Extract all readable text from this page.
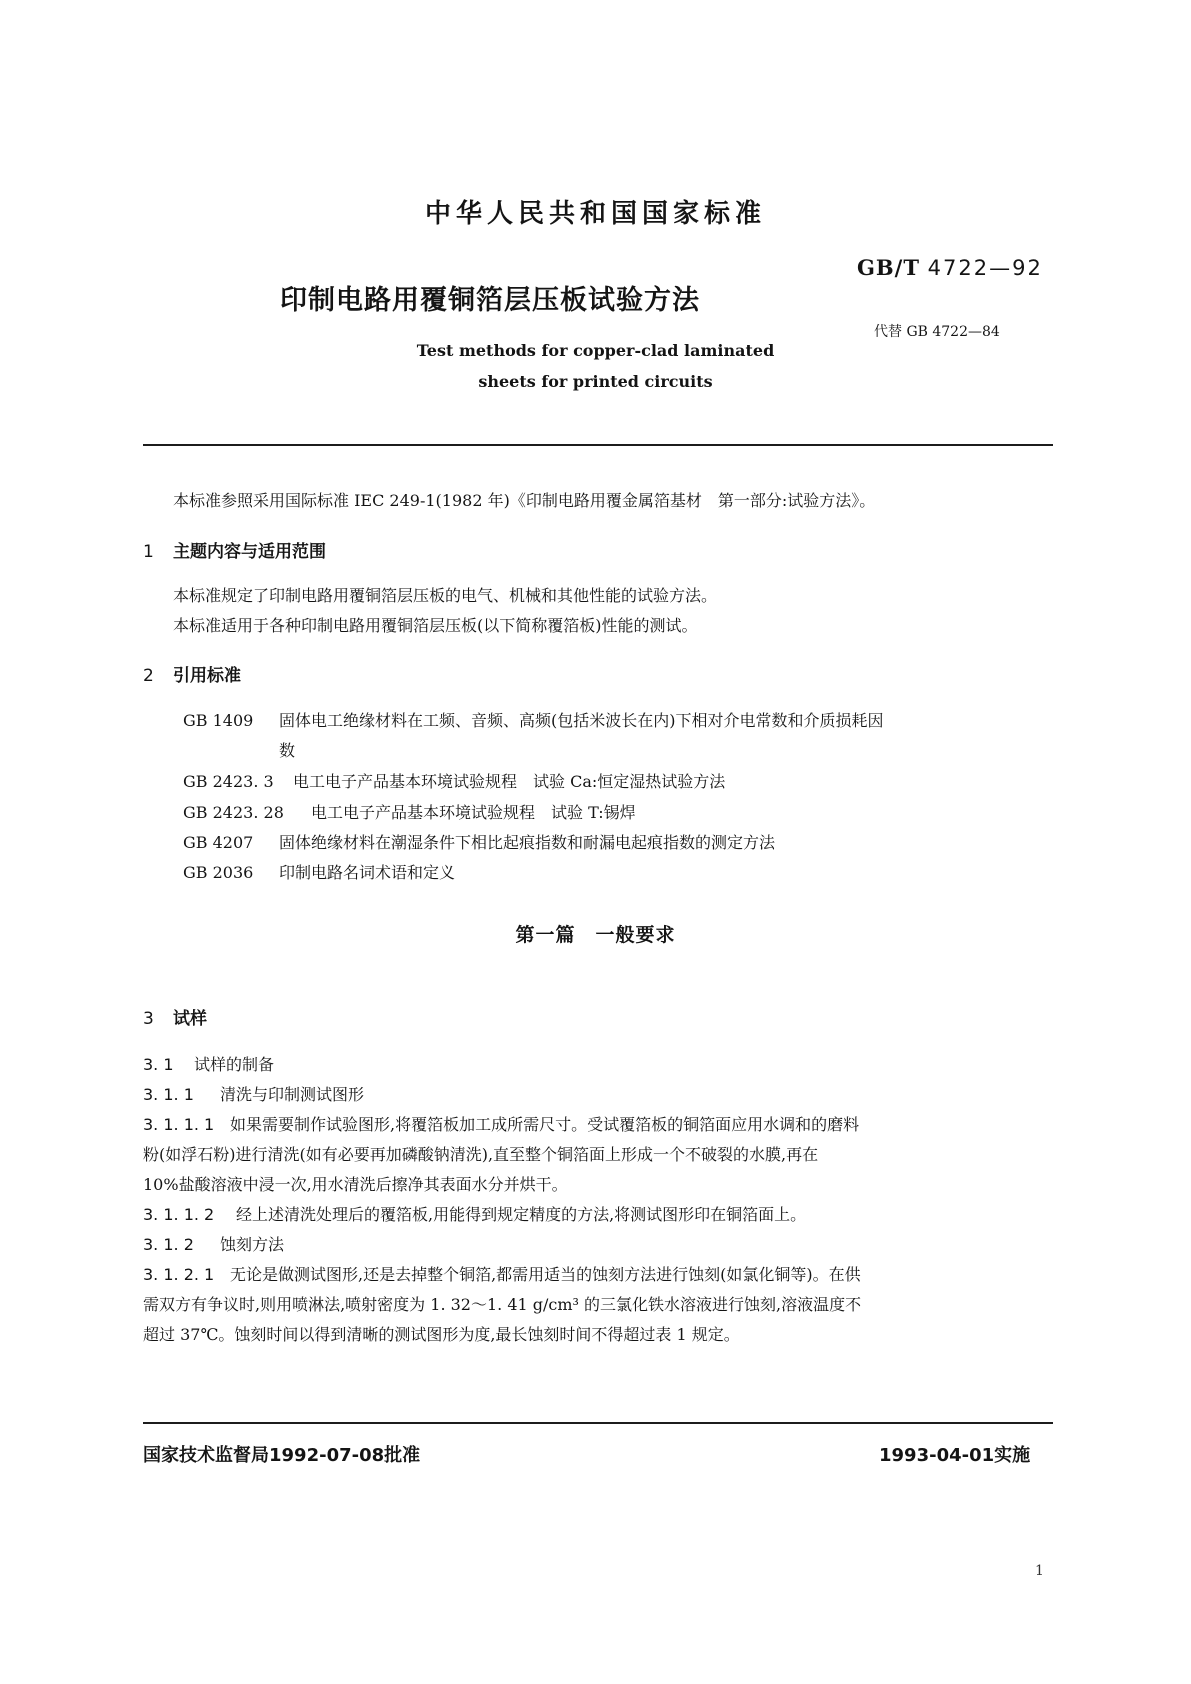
中华人民共和国国家标准
GB/T 4722—92
印制电路用覆铜箔层压板试验方法
代替 GB 4722—84
Test methods for copper-clad laminated
sheets for printed circuits
本标准参照采用国际标准 IEC 249-1(1982 年)《印制电路用覆金属箔基材　第一部分:试验方法》。
1 主题内容与适用范围
本标准规定了印制电路用覆铜箔层压板的电气、机械和其他性能的试验方法。
本标准适用于各种印制电路用覆铜箔层压板(以下简称覆箔板)性能的测试。
2 引用标准
GB 1409 固体电工绝缘材料在工频、音频、高频(包括米波长在内)下相对介电常数和介质损耗因
数
GB 2423. 3 电工电子产品基本环境试验规程　试验 Ca:恒定湿热试验方法
GB 2423. 28 电工电子产品基本环境试验规程　试验 T:锡焊
GB 4207 固体绝缘材料在潮湿条件下相比起痕指数和耐漏电起痕指数的测定方法
GB 2036 印制电路名词术语和定义
第一篇　一般要求
3 试样
3. 1 试样的制备
3. 1. 1 清洗与印制测试图形
3. 1. 1. 1 如果需要制作试验图形,将覆箔板加工成所需尺寸。受试覆箔板的铜箔面应用水调和的磨料
粉(如浮石粉)进行清洗(如有必要再加磷酸钠清洗),直至整个铜箔面上形成一个不破裂的水膜,再在
10%盐酸溶液中浸一次,用水清洗后擦净其表面水分并烘干。
3. 1. 1. 2 经上述清洗处理后的覆箔板,用能得到规定精度的方法,将测试图形印在铜箔面上。
3. 1. 2 蚀刻方法
3. 1. 2. 1 无论是做测试图形,还是去掉整个铜箔,都需用适当的蚀刻方法进行蚀刻(如氯化铜等)。在供
需双方有争议时,则用喷淋法,喷射密度为 1. 32～1. 41 g/cm³ 的三氯化铁水溶液进行蚀刻,溶液温度不
超过 37℃。蚀刻时间以得到清晰的测试图形为度,最长蚀刻时间不得超过表 1 规定。
国家技术监督局1992-07-08批准	1993-04-01实施
1
